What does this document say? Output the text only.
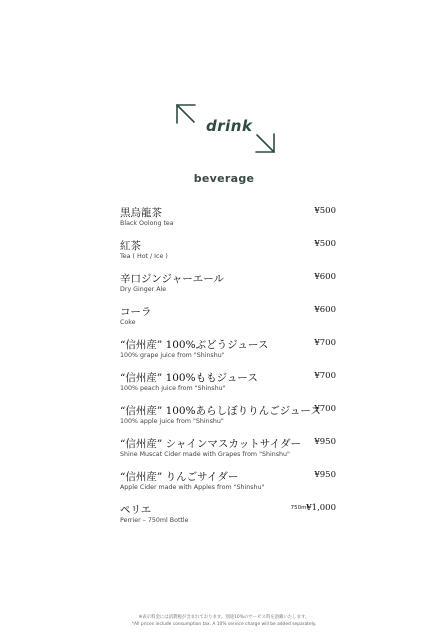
drink
beverage
黒烏龍茶
Black Oolong tea
¥500
紅茶
Tea ( Hot / Ice )
¥500
辛口ジンジャーエール
Dry Ginger Ale
¥600
コーラ
Coke
¥600
“信州産” 100%ぶどうジュース
100% grape juice from "Shinshu"
¥700
“信州産” 100%ももジュース
100% peach juice from "Shinshu"
¥700
“信州産” 100%あらしぼりりんごジュース
100% apple juice from "Shinshu"
¥700
“信州産” シャインマスカットサイダー
Shine Muscat Cider made with Grapes from "Shinshu"
¥950
“信州産” りんごサイダー
Apple Cider made with Apples from "Shinshu"
¥950
ペリエ
Perrier – 750ml Bottle
750ml
¥1,000
※表示料金には消費税が含まれております。別途10%のサービス料を頂戴いたします。
*All prices include consumption tax. A 10% service charge will be added separately.
